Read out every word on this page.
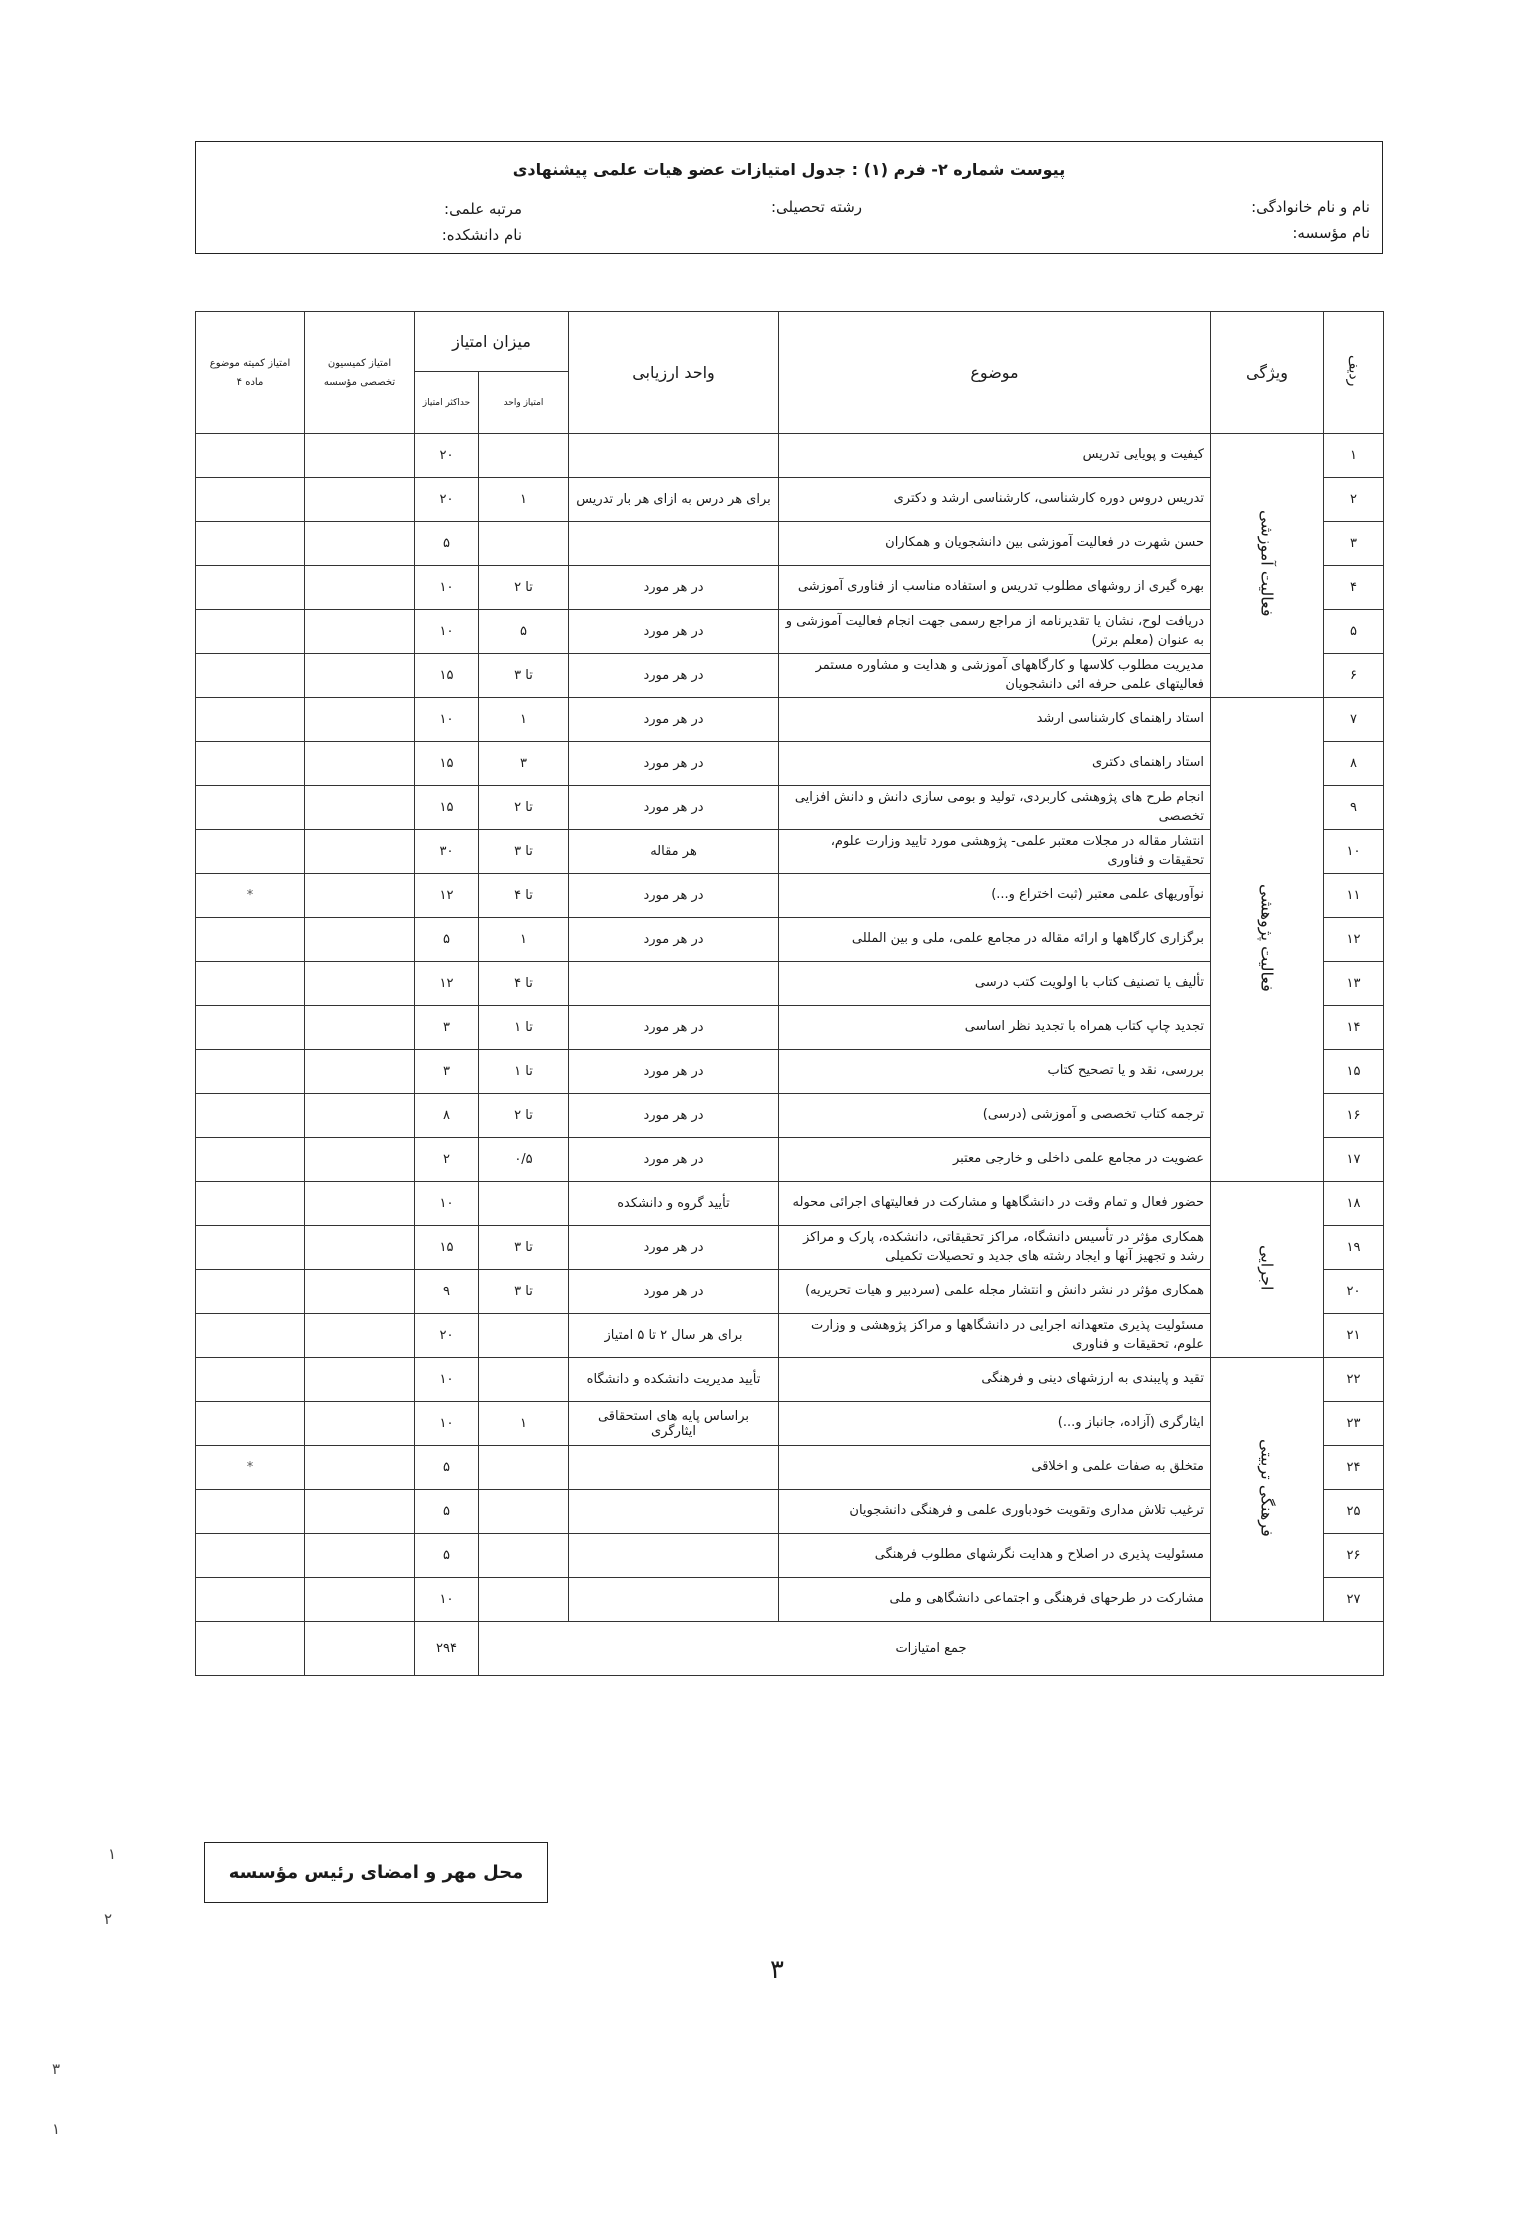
پیوست شماره ۲- فرم (۱) : جدول امتیازات عضو هیات علمی پیشنهادی
نام و نام خانوادگی:
رشته تحصیلی:
مرتبه علمی:
نام مؤسسه:
نام دانشکده:
ردیف	ویژگی	موضوع	واحد ارزیابی	میزان امتیاز		امتیاز کمیسیون تخصصی مؤسسه	امتیاز کمیته موضوع ماده ۴
				امتیاز واحد	حداکثر امتیاز		
۱	فعالیت آموزشی	کیفیت و پویایی تدریس			۲۰		
۲		تدریس دروس دوره کارشناسی، کارشناسی ارشد و دکتری	برای هر درس به ازای هر بار تدریس	۱	۲۰		
۳		حسن شهرت در فعالیت آموزشی بین دانشجویان و همکاران			۵		
۴		بهره گیری از روشهای مطلوب تدریس و استفاده مناسب از فناوری آموزشی	در هر مورد	تا ۲	۱۰		
۵		دریافت لوح، نشان یا تقدیرنامه از مراجع رسمی جهت انجام فعالیت آموزشی و به عنوان (معلم برتر)	در هر مورد	۵	۱۰		
۶		مدیریت مطلوب کلاسها و کارگاههای آموزشی و هدایت و مشاوره مستمر فعالیتهای علمی حرفه ائی دانشجویان	در هر مورد	تا ۳	۱۵		
۷	فعالیت پژوهشی	استاد راهنمای کارشناسی ارشد	در هر مورد	۱	۱۰		
۸		استاد راهنمای دکتری	در هر مورد	۳	۱۵		
۹		انجام طرح های پژوهشی کاربردی، تولید و بومی سازی دانش و دانش افزایی تخصصی	در هر مورد	تا ۲	۱۵		
۱۰		انتشار مقاله در مجلات معتبر علمی- پژوهشی مورد تایید وزارت علوم، تحقیقات و فناوری	هر مقاله	تا ۳	۳۰		
۱۱		نوآوریهای علمی معتبر (ثبت اختراع و...)	در هر مورد	تا ۴	۱۲		*
۱۲		برگزاری کارگاهها و ارائه مقاله در مجامع علمی، ملی و بین المللی	در هر مورد	۱	۵		
۱۳		تألیف یا تصنیف کتاب با اولویت کتب درسی		تا ۴	۱۲		
۱۴		تجدید چاپ کتاب همراه با تجدید نظر اساسی	در هر مورد	تا ۱	۳		
۱۵		بررسی، نقد و یا تصحیح کتاب	در هر مورد	تا ۱	۳		
۱۶		ترجمه کتاب تخصصی و آموزشی (درسی)	در هر مورد	تا ۲	۸		
۱۷		عضویت در مجامع علمی داخلی و خارجی معتبر	در هر مورد	۰/۵	۲		
۱۸	اجرایی	حضور فعال و تمام وقت در دانشگاهها و مشارکت در فعالیتهای اجرائی محوله	تأیید گروه و دانشکده		۱۰		
۱۹		همکاری مؤثر در تأسیس دانشگاه، مراکز تحقیقاتی، دانشکده، پارک و مراکز رشد و تجهیز آنها و ایجاد رشته های جدید و تحصیلات تکمیلی	در هر مورد	تا ۳	۱۵		
۲۰		همکاری مؤثر در نشر دانش و انتشار مجله علمی (سردبیر و هیات تحریریه)	در هر مورد	تا ۳	۹		
۲۱		مسئولیت پذیری متعهدانه اجرایی در دانشگاهها و مراکز پژوهشی و وزارت علوم، تحقیقات و فناوری	برای هر سال ۲ تا ۵ امتیاز		۲۰		
۲۲	فرهنگی تربیتی	تقید و پایبندی به ارزشهای دینی و فرهنگی	تأیید مدیریت دانشکده و دانشگاه		۱۰		
۲۳		ایثارگری (آزاده، جانباز و...)	براساس پایه های استحقاقی ایثارگری	۱	۱۰		
۲۴		متخلق به صفات علمی و اخلاقی			۵		*
۲۵		ترغیب تلاش مداری وتقویت خودباوری علمی و فرهنگی دانشجویان			۵		
۲۶		مسئولیت پذیری در اصلاح و هدایت نگرشهای مطلوب فرهنگی			۵		
۲۷		مشارکت در طرحهای فرهنگی و اجتماعی دانشگاهی و ملی			۱۰		
جمع امتیازات					۲۹۴		
محل مهر و امضای رئیس مؤسسه
۳
۱
۲
۳
۱
